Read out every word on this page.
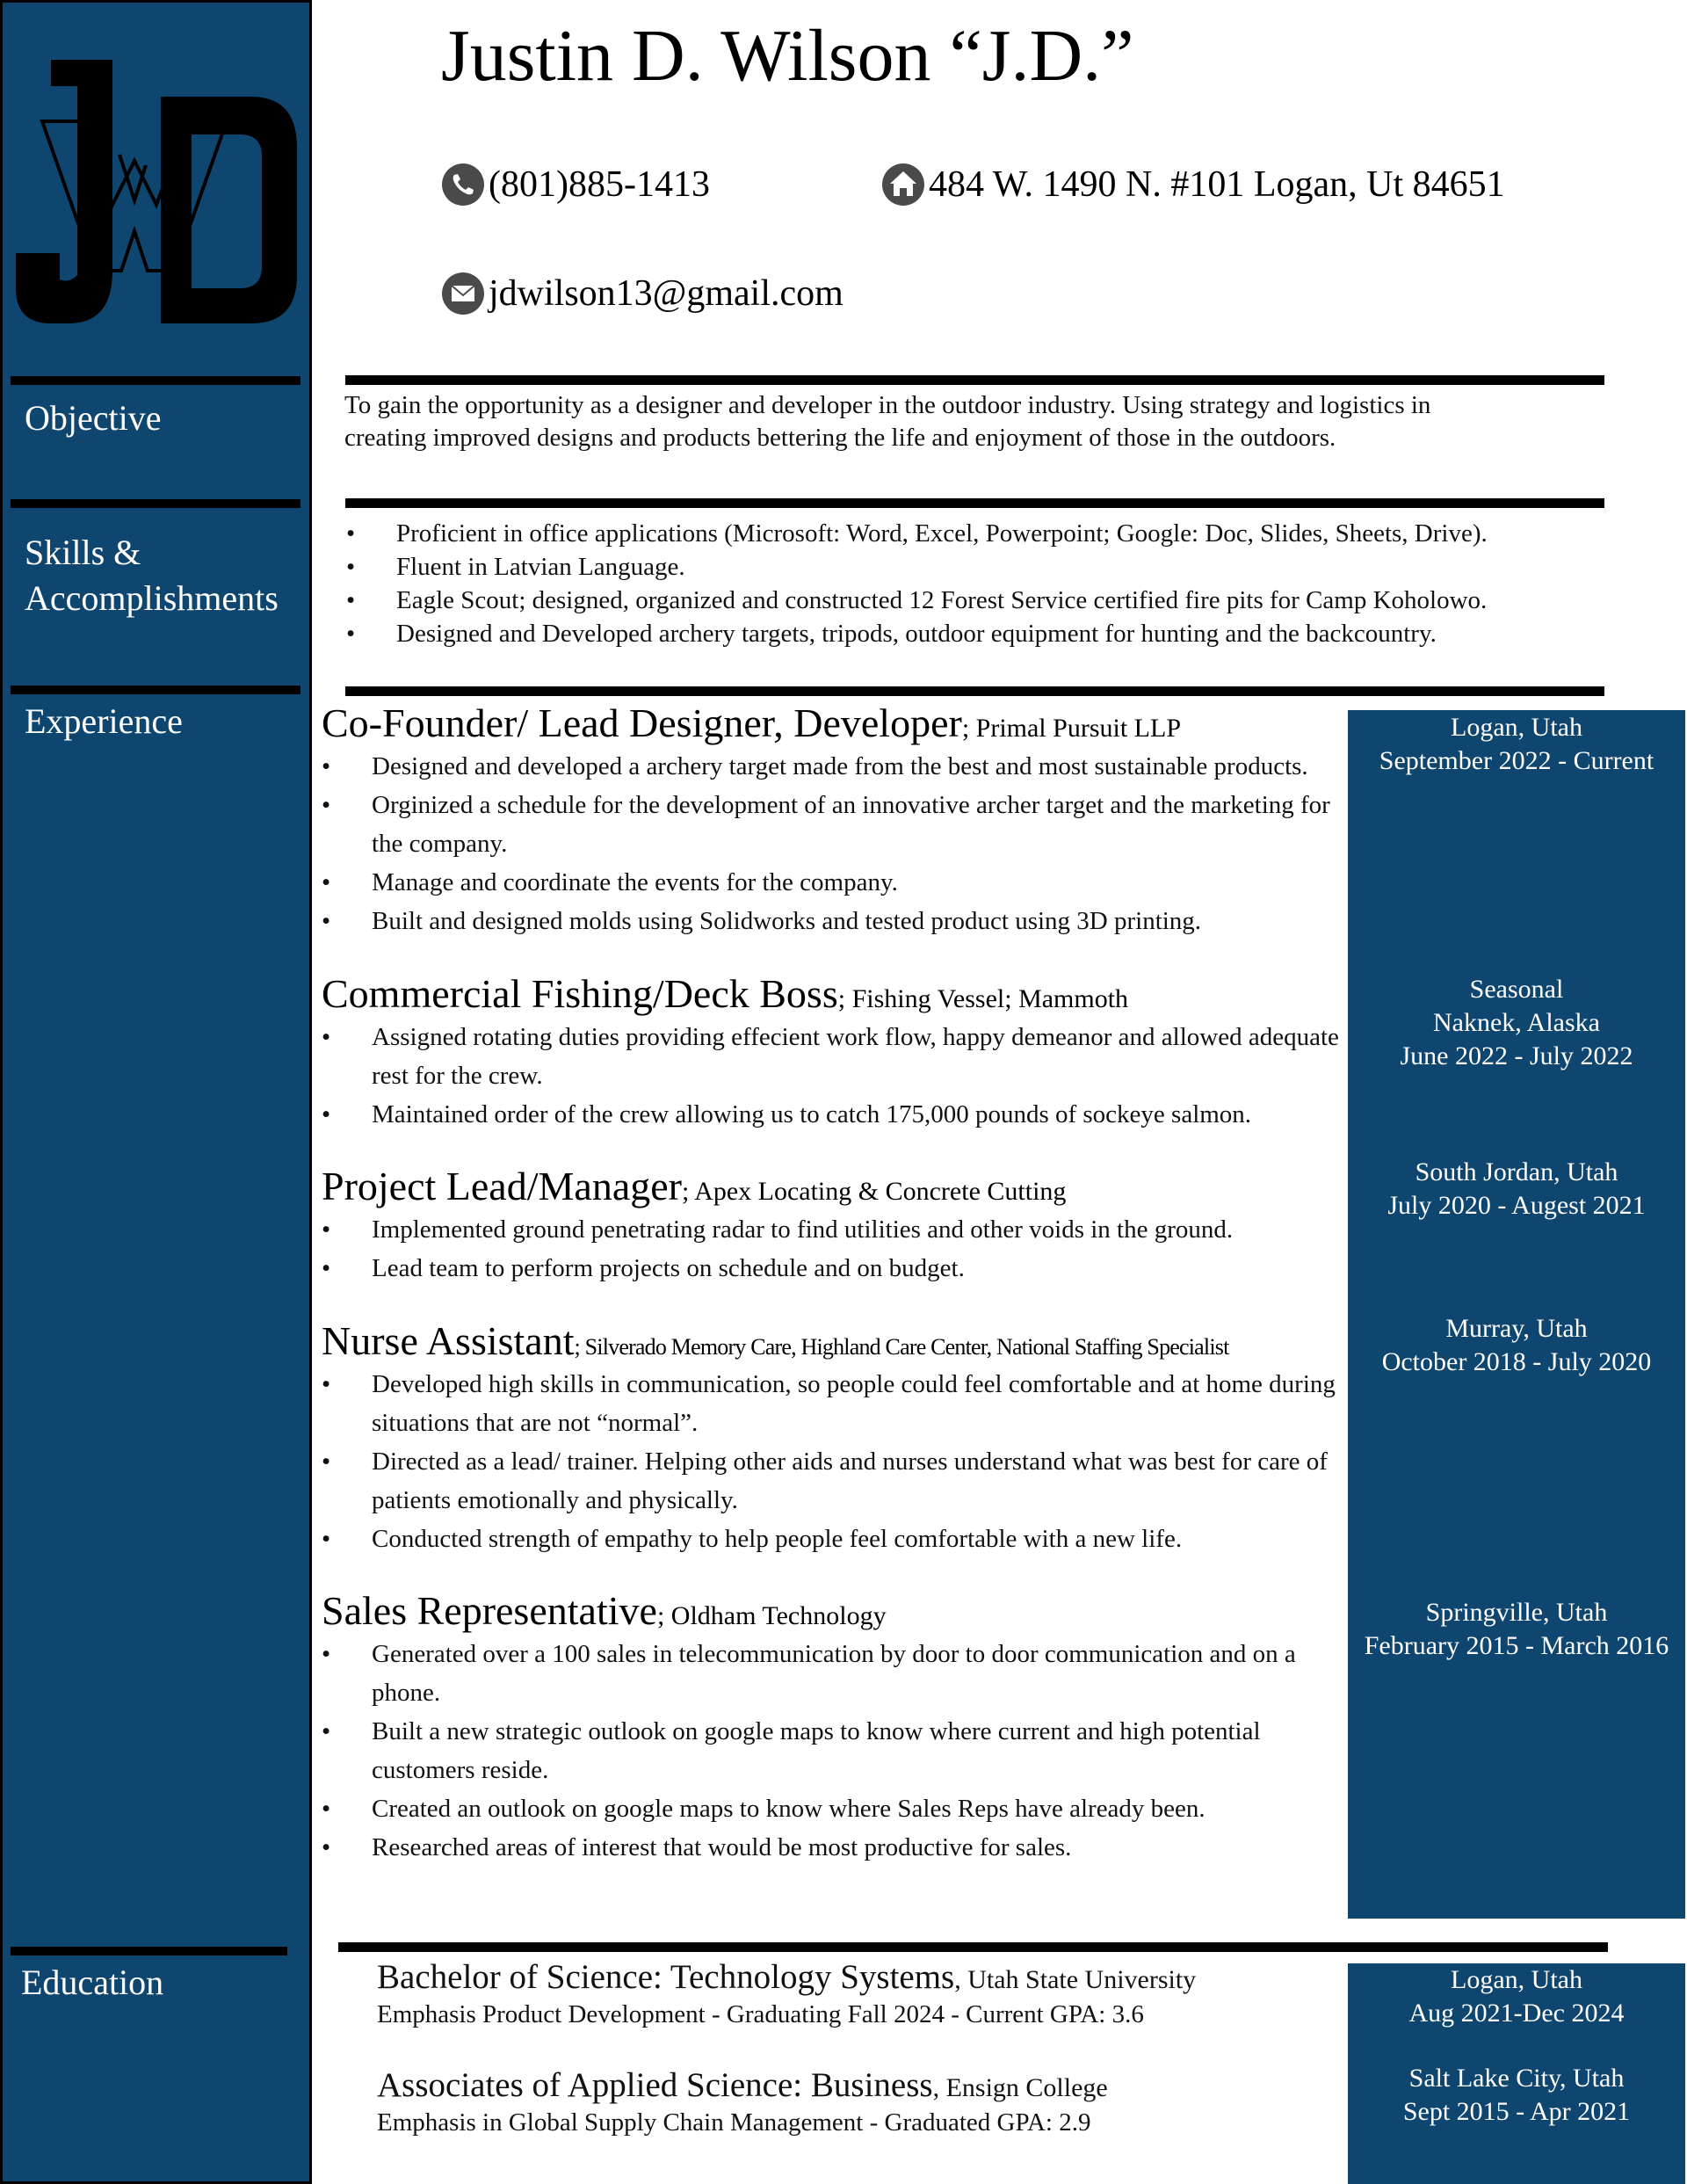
Objective
Skills &
Accomplishments
Experience
Education
Justin D. Wilson “J.D.”
(801)885-1413	484 W. 1490 N. #101 Logan, Ut 84651
jdwilson13@gmail.com
To gain the opportunity as a designer and developer in the outdoor industry. Using strategy and logistics in
creating improved designs and products bettering the life and enjoyment of those in the outdoors.
• Proficient in office applications (Microsoft: Word, Excel, Powerpoint; Google: Doc, Slides, Sheets, Drive).
• Fluent in Latvian Language.
• Eagle Scout; designed, organized and constructed 12 Forest Service certified fire pits for Camp Koholowo.
• Designed and Developed archery targets, tripods, outdoor equipment for hunting and the backcountry.
Co-Founder/ Lead Designer, Developer; Primal Pursuit LLP
• Designed and developed a archery target made from the best and most sustainable products.
• Orginized a schedule for the development of an innovative archer target and the marketing for the company.
• Manage and coordinate the events for the company.
• Built and designed molds using Solidworks and tested product using 3D printing.
Logan, Utah
September 2022 - Current
Commercial Fishing/Deck Boss; Fishing Vessel; Mammoth
• Assigned rotating duties providing effecient work flow, happy demeanor and allowed adequate rest for the crew.
• Maintained order of the crew allowing us to catch 175,000 pounds of sockeye salmon.
Seasonal
Naknek, Alaska
June 2022 - July 2022
Project Lead/Manager; Apex Locating & Concrete Cutting
• Implemented ground penetrating radar to find utilities and other voids in the ground.
• Lead team to perform projects on schedule and on budget.
South Jordan, Utah
July 2020 - Augest 2021
Nurse Assistant; Silverado Memory Care, Highland Care Center, National Staffing Specialist
• Developed high skills in communication, so people could feel comfortable and at home during situations that are not “normal”.
• Directed as a lead/ trainer. Helping other aids and nurses understand what was best for care of patients emotionally and physically.
• Conducted strength of empathy to help people feel comfortable with a new life.
Murray, Utah
October 2018 - July 2020
Sales Representative; Oldham Technology
• Generated over a 100 sales in telecommunication by door to door communication and on a phone.
• Built a new strategic outlook on google maps to know where current and high potential customers reside.
• Created an outlook on google maps to know where Sales Reps have already been.
• Researched areas of interest that would be most productive for sales.
Springville, Utah
February 2015 - March 2016
Bachelor of Science: Technology Systems, Utah State University
Emphasis Product Development - Graduating Fall 2024 - Current GPA: 3.6
Logan, Utah
Aug 2021-Dec 2024
Associates of Applied Science: Business, Ensign College
Emphasis in Global Supply Chain Management - Graduated GPA: 2.9
Salt Lake City, Utah
Sept 2015 - Apr 2021
